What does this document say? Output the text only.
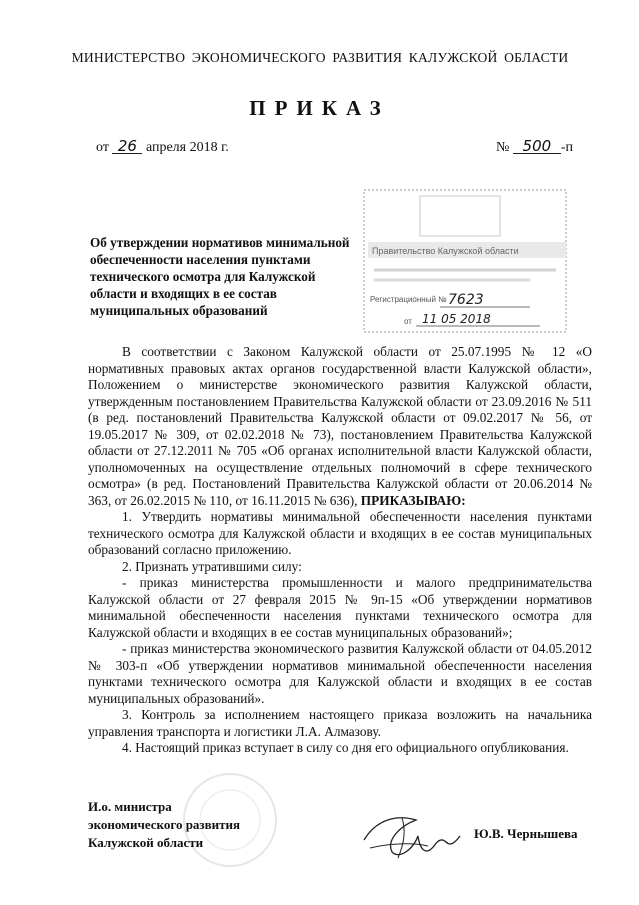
МИНИСТЕРСТВО ЭКОНОМИЧЕСКОГО РАЗВИТИЯ КАЛУЖСКОЙ ОБЛАСТИ
ПРИКАЗ
от 26 апреля 2018 г.	№ 500 -п
Об утверждении нормативов минимальной обеспеченности населения пунктами технического осмотра для Калужской области и входящих в ее состав муниципальных образований
Правительство Калужской области
Регистрационный № 7623
от 11 05 2018

В соответствии с Законом Калужской области от 25.07.1995 № 12 «О нормативных правовых актах органов государственной власти Калужской области», Положением о министерстве экономического развития Калужской области, утвержденным постановлением Правительства Калужской области от 23.09.2016 № 511 (в ред. постановлений Правительства Калужской области от 09.02.2017 № 56, от 19.05.2017 № 309, от 02.02.2018 № 73), постановлением Правительства Калужской области от 27.12.2011 № 705 «Об органах исполнительной власти Калужской области, уполномоченных на осуществление отдельных полномочий в сфере технического осмотра» (в ред. Постановлений Правительства Калужской области от 20.06.2014 № 363, от 26.02.2015 № 110, от 16.11.2015 № 636), ПРИКАЗЫВАЮ:

1. Утвердить нормативы минимальной обеспеченности населения пунктами технического осмотра для Калужской области и входящих в ее состав муниципальных образований согласно приложению.

2. Признать утратившими силу:

- приказ министерства промышленности и малого предпринимательства Калужской области от 27 февраля 2015 № 9п-15 «Об утверждении нормативов минимальной обеспеченности населения пунктами технического осмотра для Калужской области и входящих в ее состав муниципальных образований»;

- приказ министерства экономического развития Калужской области от 04.05.2012 № 303-п «Об утверждении нормативов минимальной обеспеченности населения пунктами технического осмотра для Калужской области и входящих в ее состав муниципальных образований».

3. Контроль за исполнением настоящего приказа возложить на начальника управления транспорта и логистики Л.А. Алмазову.

4. Настоящий приказ вступает в силу со дня его официального опубликования.

И.о. министра
экономического развития
Калужской области
Ю.В. Чернышева
